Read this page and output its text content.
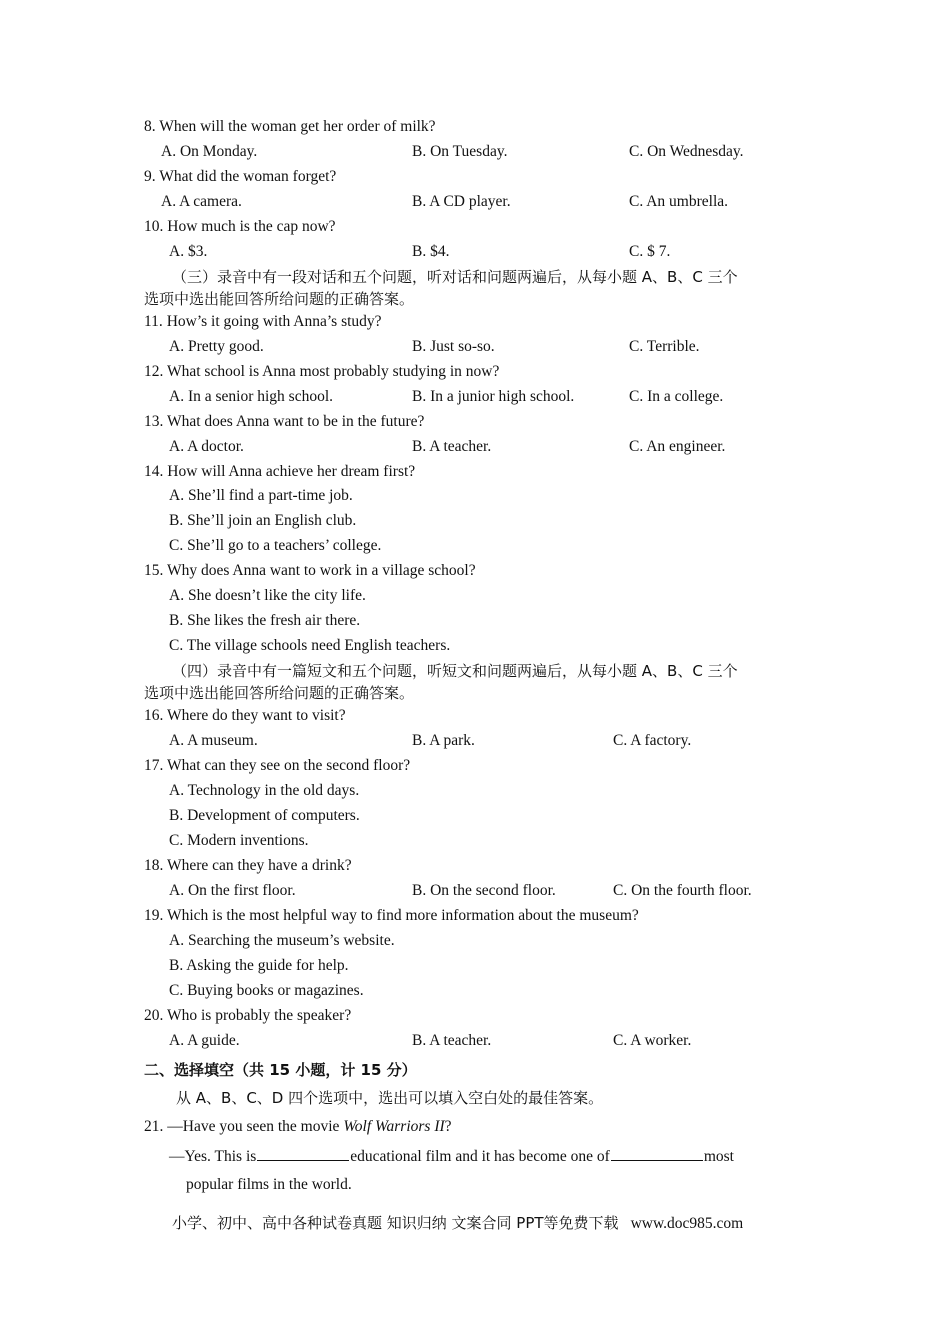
8. When will the woman get her order of milk?
A. On Monday.	B. On Tuesday.	C. On Wednesday.
9. What did the woman forget?
A. A camera.	B. A CD player.	C. An umbrella.
10. How much is the cap now?
A. $3.	B. $4.	C. $ 7.
（三）录音中有一段对话和五个问题，听对话和问题两遍后，从每小题 A、B、C 三个
选项中选出能回答所给问题的正确答案。
11. How’s it going with Anna’s study?
A. Pretty good.	B. Just so-so.	C. Terrible.
12. What school is Anna most probably studying in now?
A. In a senior high school.	B. In a junior high school.	C. In a college.
13. What does Anna want to be in the future?
A. A doctor.	B. A teacher.	C. An engineer.
14. How will Anna achieve her dream first?
A. She’ll find a part-time job.
B. She’ll join an English club.
C. She’ll go to a teachers’ college.
15. Why does Anna want to work in a village school?
A. She doesn’t like the city life.
B. She likes the fresh air there.
C. The village schools need English teachers.
（四）录音中有一篇短文和五个问题，听短文和问题两遍后，从每小题 A、B、C 三个
选项中选出能回答所给问题的正确答案。
16. Where do they want to visit?
A. A museum.	B. A park.	C. A factory.
17. What can they see on the second floor?
A. Technology in the old days.
B. Development of computers.
C. Modern inventions.
18. Where can they have a drink?
A. On the first floor.	B. On the second floor.	C. On the fourth floor.
19. Which is the most helpful way to find more information about the museum?
A. Searching the museum’s website.
B. Asking the guide for help.
C. Buying books or magazines.
20. Who is probably the speaker?
A. A guide.	B. A teacher.	C. A worker.
二、选择填空（共 15 小题，计 15 分）
从 A、B、C、D 四个选项中，选出可以填入空白处的最佳答案。
21. —Have you seen the movie Wolf Warriors II?
—Yes. This is	educational film and it has become one of	most
popular films in the world.
小学、初中、高中各种试卷真题 知识归纳 文案合同 PPT等免费下载 www.doc985.com
